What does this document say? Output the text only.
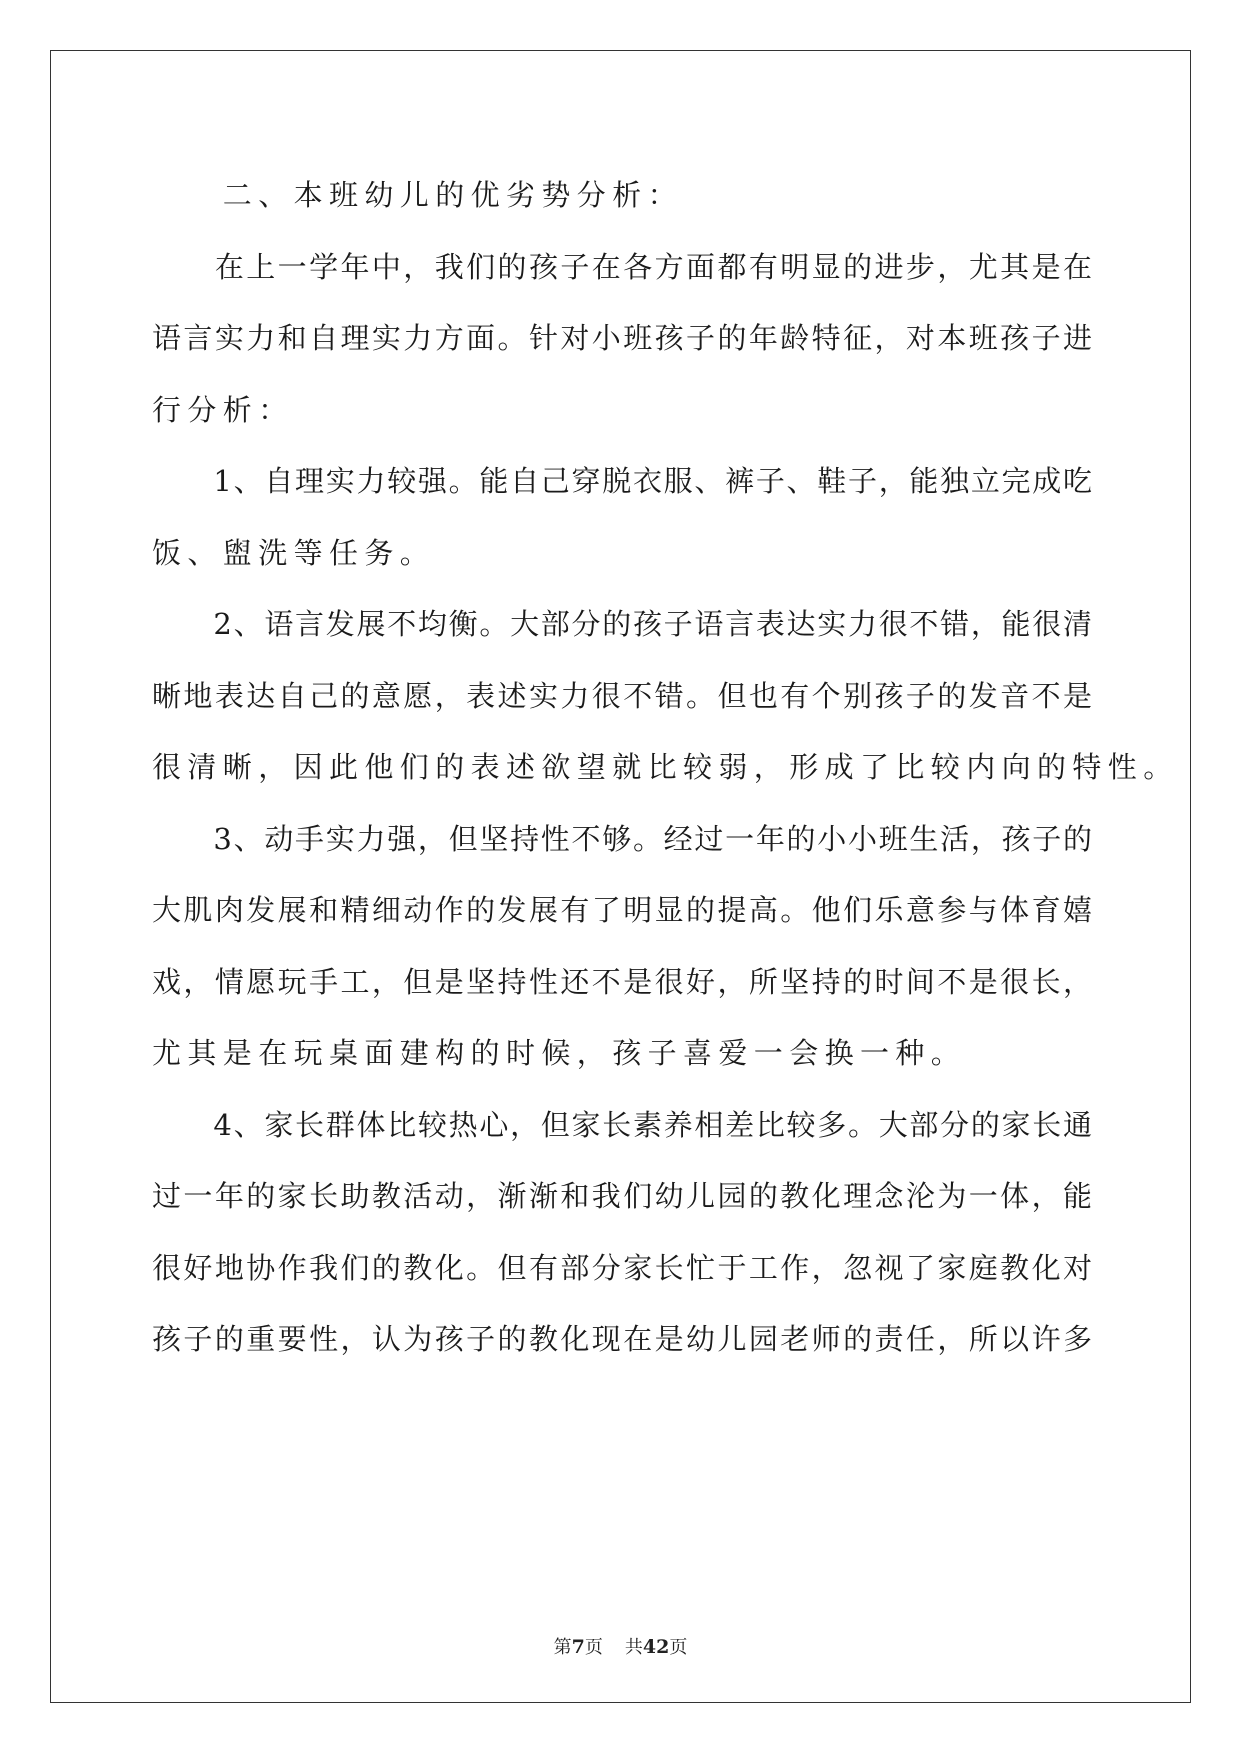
　　二、本班幼儿的优劣势分析：
　　在上一学年中，我们的孩子在各方面都有明显的进步，尤其是在
语言实力和自理实力方面。针对小班孩子的年龄特征，对本班孩子进
行分析：
　　1、自理实力较强。能自己穿脱衣服、裤子、鞋子，能独立完成吃
饭、盥洗等任务。
　　2、语言发展不均衡。大部分的孩子语言表达实力很不错，能很清
晰地表达自己的意愿，表述实力很不错。但也有个别孩子的发音不是
很清晰，因此他们的表述欲望就比较弱，形成了比较内向的特性。
　　3、动手实力强，但坚持性不够。经过一年的小小班生活，孩子的
大肌肉发展和精细动作的发展有了明显的提高。他们乐意参与体育嬉
戏，情愿玩手工，但是坚持性还不是很好，所坚持的时间不是很长，
尤其是在玩桌面建构的时候，孩子喜爱一会换一种。
　　4、家长群体比较热心，但家长素养相差比较多。大部分的家长通
过一年的家长助教活动，渐渐和我们幼儿园的教化理念沦为一体，能
很好地协作我们的教化。但有部分家长忙于工作，忽视了家庭教化对
孩子的重要性，认为孩子的教化现在是幼儿园老师的责任，所以许多
第7页 共42页
